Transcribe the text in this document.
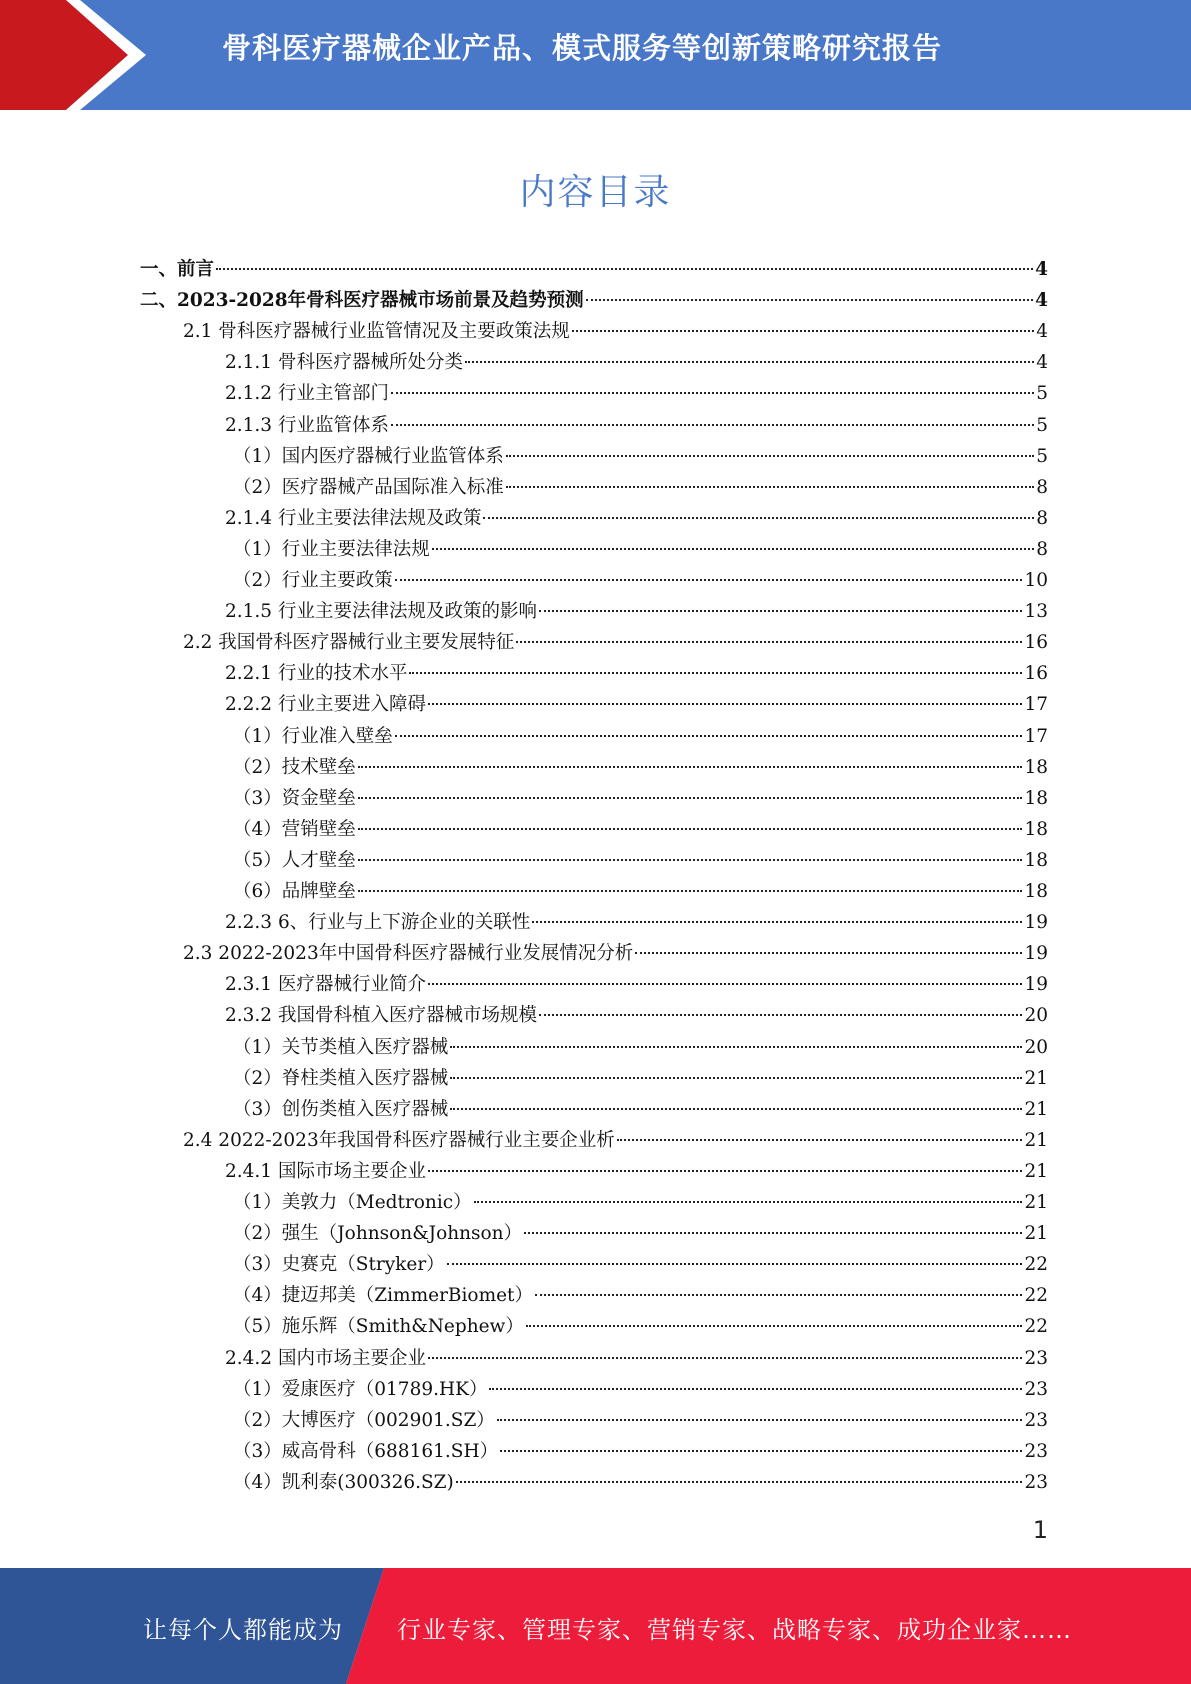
骨科医疗器械企业产品、模式服务等创新策略研究报告
内容目录
一、前言	4
二、2023-2028年骨科医疗器械市场前景及趋势预测	4
2.1 骨科医疗器械行业监管情况及主要政策法规	4
2.1.1 骨科医疗器械所处分类	4
2.1.2 行业主管部门	5
2.1.3 行业监管体系	5
（1）国内医疗器械行业监管体系	5
（2）医疗器械产品国际准入标准	8
2.1.4 行业主要法律法规及政策	8
（1）行业主要法律法规	8
（2）行业主要政策	10
2.1.5 行业主要法律法规及政策的影响	13
2.2 我国骨科医疗器械行业主要发展特征	16
2.2.1 行业的技术水平	16
2.2.2 行业主要进入障碍	17
（1）行业准入壁垒	17
（2）技术壁垒	18
（3）资金壁垒	18
（4）营销壁垒	18
（5）人才壁垒	18
（6）品牌壁垒	18
2.2.3 6、行业与上下游企业的关联性	19
2.3 2022-2023年中国骨科医疗器械行业发展情况分析	19
2.3.1 医疗器械行业简介	19
2.3.2 我国骨科植入医疗器械市场规模	20
（1）关节类植入医疗器械	20
（2）脊柱类植入医疗器械	21
（3）创伤类植入医疗器械	21
2.4 2022-2023年我国骨科医疗器械行业主要企业析	21
2.4.1 国际市场主要企业	21
（1）美敦力（Medtronic）	21
（2）强生（Johnson&Johnson）	21
（3）史赛克（Stryker）	22
（4）捷迈邦美（ZimmerBiomet）	22
（5）施乐辉（Smith&Nephew）	22
2.4.2 国内市场主要企业	23
（1）爱康医疗（01789.HK）	23
（2）大博医疗（002901.SZ）	23
（3）威高骨科（688161.SH）	23
（4）凯利泰(300326.SZ)	23
1
让每个人都能成为 行业专家、管理专家、营销专家、战略专家、成功企业家……
